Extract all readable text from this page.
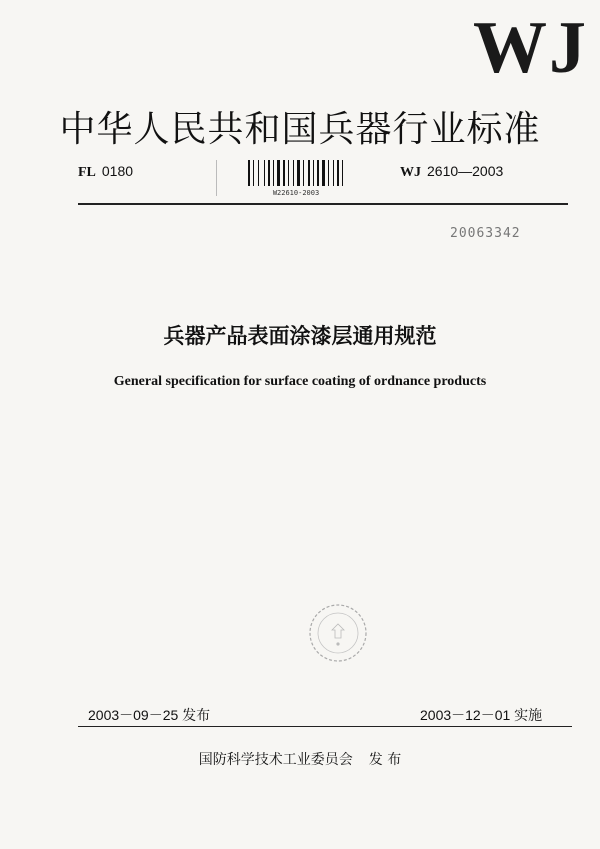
WJ
中华人民共和国兵器行业标准
FL 0180
W22610-2003
WJ 2610—2003
20063342
兵器产品表面涂漆层通用规范
General specification for surface coating of ordnance products
2003－09－25 发布	2003－12－01 实施
国防科学技术工业委员会 发 布
